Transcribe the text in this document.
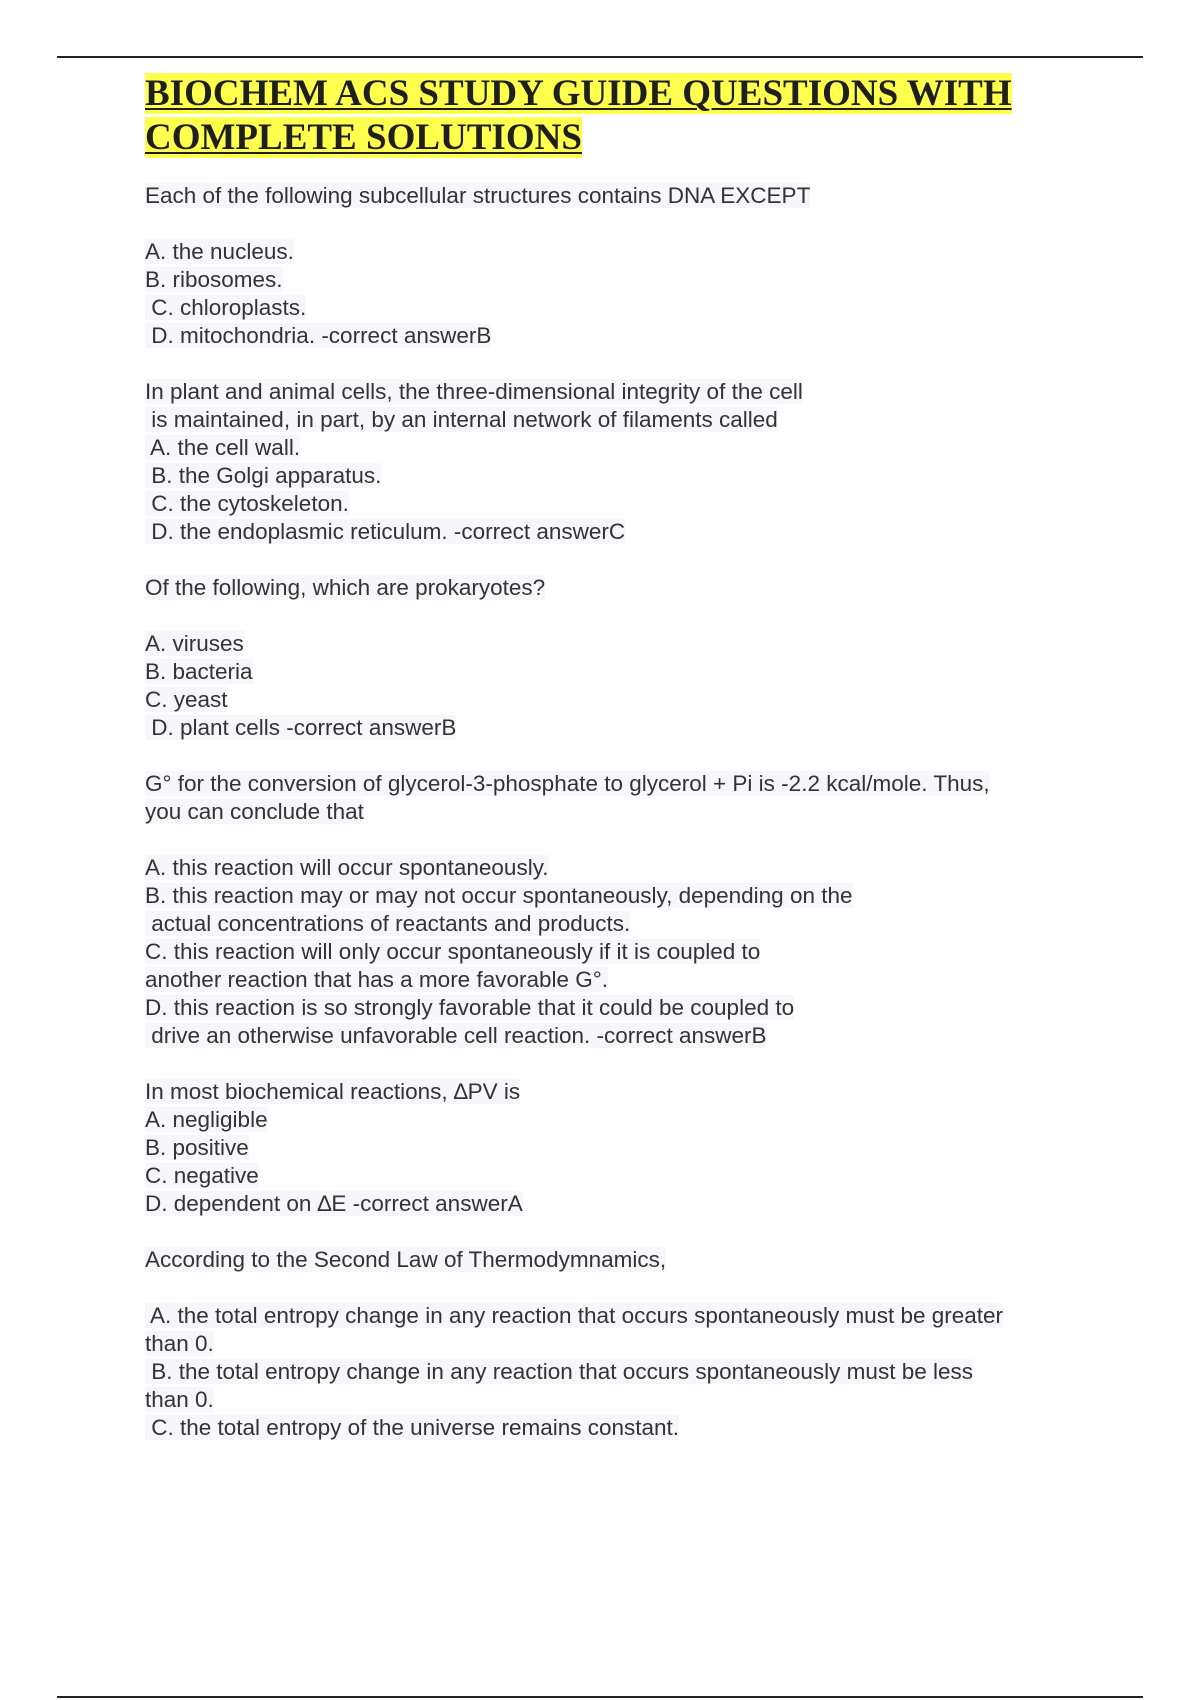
BIOCHEM ACS STUDY GUIDE QUESTIONS WITH
COMPLETE SOLUTIONS
Each of the following subcellular structures contains DNA EXCEPT
A. the nucleus.
B. ribosomes.
C. chloroplasts.
D. mitochondria. -correct answerB
In plant and animal cells, the three-dimensional integrity of the cell
is maintained, in part, by an internal network of filaments called
A. the cell wall.
B. the Golgi apparatus.
C. the cytoskeleton.
D. the endoplasmic reticulum. -correct answerC
Of the following, which are prokaryotes?
A. viruses
B. bacteria
C. yeast
D. plant cells -correct answerB
G° for the conversion of glycerol-3-phosphate to glycerol + Pi is -2.2 kcal/mole. Thus,
you can conclude that
A. this reaction will occur spontaneously.
B. this reaction may or may not occur spontaneously, depending on the
actual concentrations of reactants and products.
C. this reaction will only occur spontaneously if it is coupled to
another reaction that has a more favorable G°.
D. this reaction is so strongly favorable that it could be coupled to
drive an otherwise unfavorable cell reaction. -correct answerB
In most biochemical reactions, ∆PV is
A. negligible
B. positive
C. negative
D. dependent on ∆E -correct answerA
According to the Second Law of Thermodymnamics,
A. the total entropy change in any reaction that occurs spontaneously must be greater
than 0.
B. the total entropy change in any reaction that occurs spontaneously must be less
than 0.
C. the total entropy of the universe remains constant.
